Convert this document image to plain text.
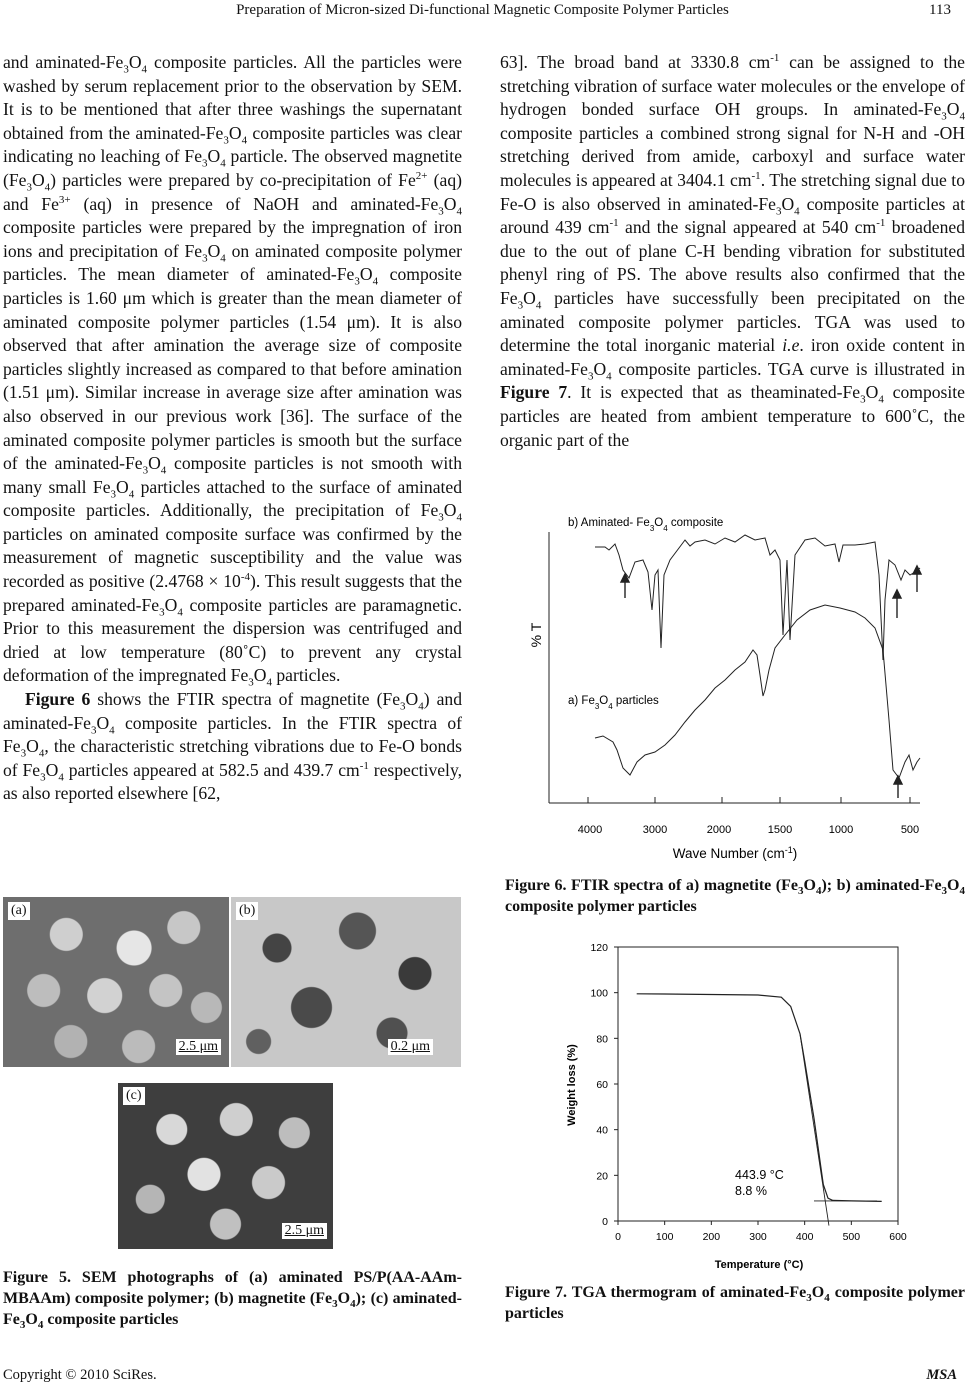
Preparation of Micron-sized Di-functional Magnetic Composite Polymer Particles	113

and aminated-$Fe_3O_4$ composite particles. All the particles were washed by serum replacement prior to the observation by SEM. It is to be mentioned that after three washings the supernatant obtained from the aminated-$Fe_3O_4$ composite particles was clear indicating no leaching of $Fe_3O_4$ particle. The observed magnetite $(Fe_3O_4)$ particles were prepared by co-precipitation of $Fe^{2+}$ (aq) and $Fe^{3+}$ (aq) in presence of NaOH and aminated-$Fe_3O_4$ composite particles were prepared by the impregnation of iron ions and precipitation of $Fe_3O_4$ on aminated composite polymer particles. The mean diameter of aminated-$Fe_3O_4$ composite particles is 1.60 μm which is greater than the mean diameter of aminated composite polymer particles (1.54 μm). It is also observed that after amination the average size of composite particles slightly increased as compared to that before amination (1.51 μm). Similar increase in average size after amination was also observed in our previous work [36]. The surface of the aminated composite polymer particles is smooth but the surface of the aminated-$Fe_3O_4$ composite particles is not smooth with many small $Fe_3O_4$ particles attached to the surface of aminated composite particles. Additionally, the precipitation of $Fe_3O_4$ particles on aminated composite surface was confirmed by the measurement of magnetic susceptibility and the value was recorded as positive $(2.4768 \times 10^{-4})$. This result suggests that the prepared aminated-$Fe_3O_4$ composite particles are paramagnetic. Prior to this measurement the dispersion was centrifuged and dried at low temperature (80˚C) to prevent any crystal deformation of the impregnated $Fe_3O_4$ particles.

Figure 6 shows the FTIR spectra of magnetite $(Fe_3O_4)$ and aminated-$Fe_3O_4$ composite particles. In the FTIR spectra of $Fe_3O_4$, the characteristic stretching vibrations due to Fe-O bonds of $Fe_3O_4$ particles appeared at 582.5 and 439.7 $cm^{-1}$ respectively, as also reported elsewhere [62,

63]. The broad band at 3330.8 $cm^{-1}$ can be assigned to the stretching vibration of surface water molecules or the envelope of hydrogen bonded surface OH groups. In aminated-$Fe_3O_4$ composite particles a combined strong signal for N-H and -OH stretching derived from amide, carboxyl and surface water molecules is appeared at 3404.1 $cm^{-1}$. The stretching signal due to Fe-O is also observed in aminated-$Fe_3O_4$ composite particles at around 439 $cm^{-1}$ and the signal appeared at 540 $cm^{-1}$ broadened due to the out of plane C-H bending vibration for substituted phenyl ring of PS. The above results also confirmed that the $Fe_3O_4$ particles have successfully been precipitated on the aminated composite polymer particles. TGA was used to determine the total inorganic material i.e. iron oxide content in aminated-$Fe_3O_4$ composite particles. TGA curve is illustrated in Figure 7. It is expected that as theaminated-$Fe_3O_4$ composite particles are heated from ambient temperature to 600˚C, the organic part of the

(a)
2.5 μm
(b)
0.2 μm
(c)
2.5 μm
Figure 5. SEM photographs of (a) aminated PS/P(AA-AAm-MBAAm) composite polymer; (b) magnetite $(Fe_3O_4)$; (c) aminated-$Fe_3O_4$ composite particles
4000	3000	2000	1500	1000	500
Wave Number $(cm^{-1})$
% T
b) Aminated- $Fe_3O_4$ composite
a) $Fe_3O_4$ particles
Figure 6. FTIR spectra of a) magnetite $(Fe_3O_4)$; b) aminated-$Fe_3O_4$ composite polymer particles
Weight loss (%)
Temperature (°C)
443.9 °C
8.8 %
0
20
40
60
80
100
120
0	100	200	300	400	500	600
Figure 7. TGA thermogram of aminated-$Fe_3O_4$ composite polymer particles
Copyright © 2010 SciRes.	MSA
